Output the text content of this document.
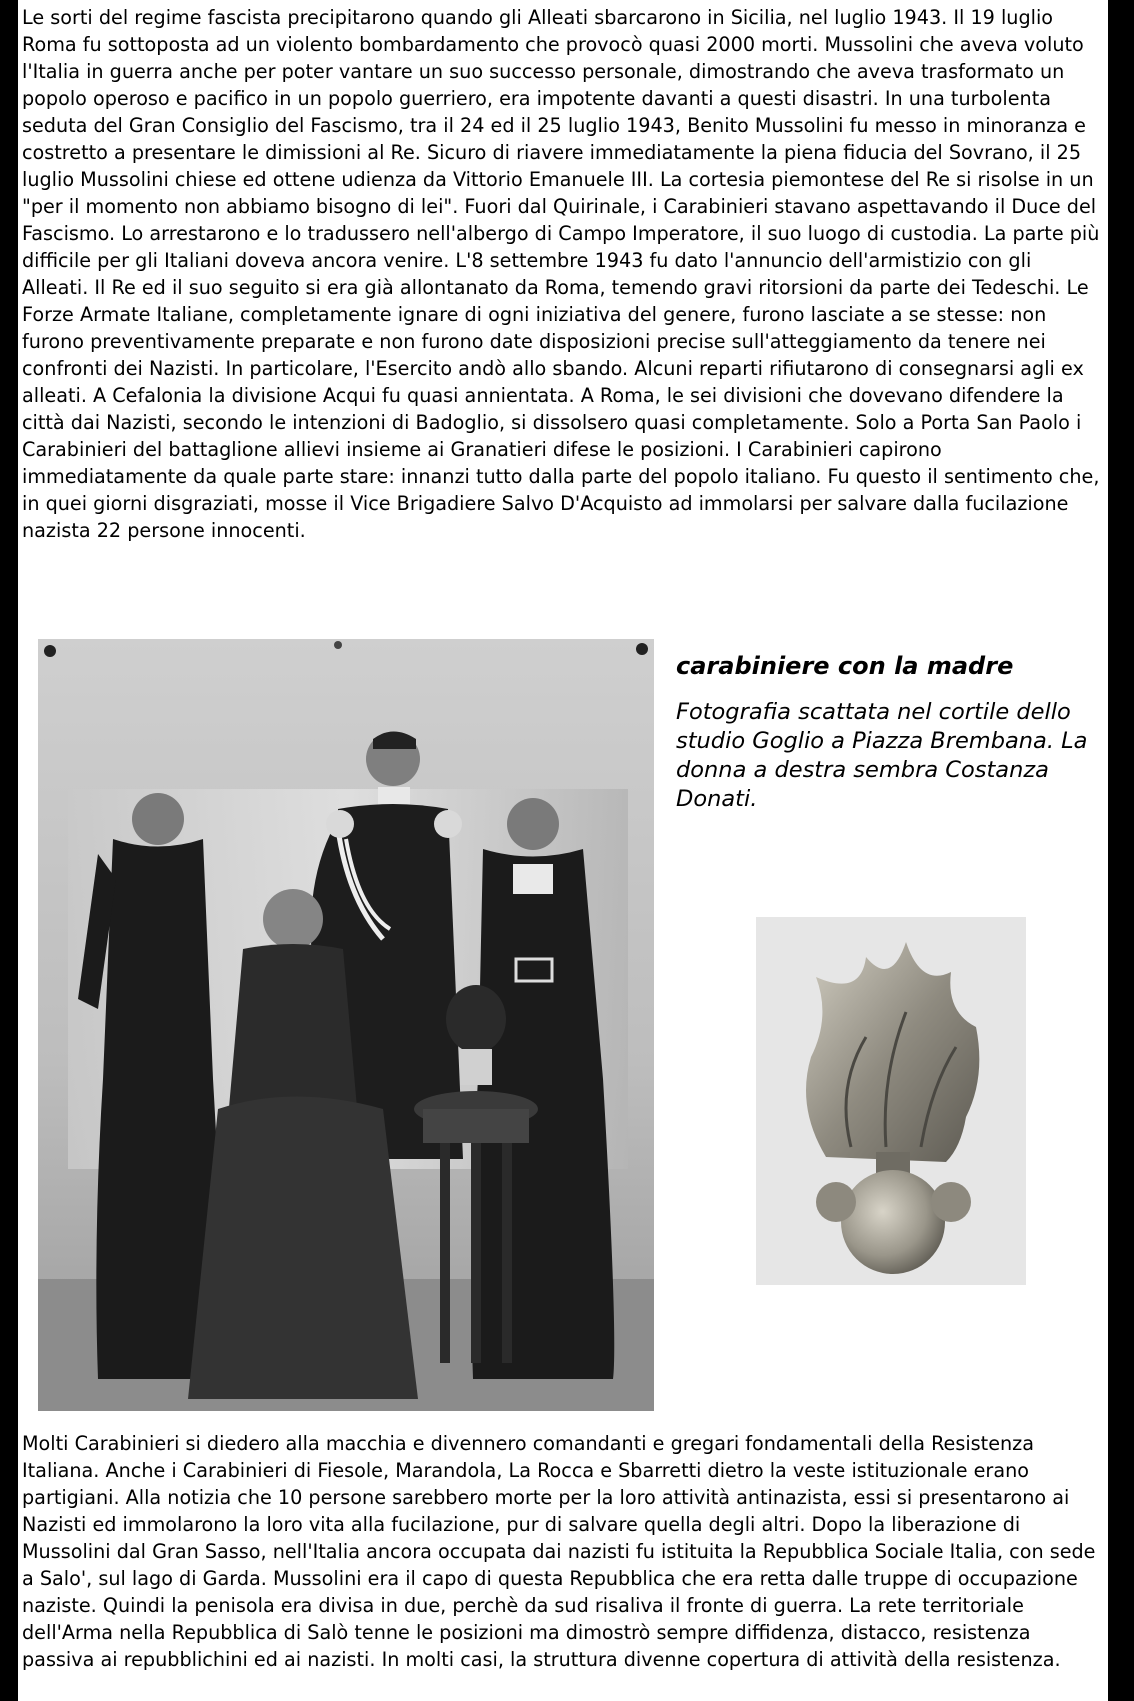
Le sorti del regime fascista precipitarono quando gli Alleati sbarcarono in Sicilia, nel luglio 1943. Il 19 luglio Roma fu sottoposta ad un violento bombardamento che provocò quasi 2000 morti. Mussolini che aveva voluto l'Italia in guerra anche per poter vantare un suo successo personale, dimostrando che aveva trasformato un popolo operoso e pacifico in un popolo guerriero, era impotente davanti a questi disastri. In una turbolenta seduta del Gran Consiglio del Fascismo, tra il 24 ed il 25 luglio 1943, Benito Mussolini fu messo in minoranza e costretto a presentare le dimissioni al Re. Sicuro di riavere immediatamente la piena fiducia del Sovrano, il 25 luglio Mussolini chiese ed ottene udienza da Vittorio Emanuele III. La cortesia piemontese del Re si risolse in un "per il momento non abbiamo bisogno di lei". Fuori dal Quirinale, i Carabinieri stavano aspettavando il Duce del Fascismo. Lo arrestarono e lo tradussero nell'albergo di Campo Imperatore, il suo luogo di custodia. La parte più difficile per gli Italiani doveva ancora venire. L'8 settembre 1943 fu dato l'annuncio dell'armistizio con gli Alleati. Il Re ed il suo seguito si era già allontanato da Roma, temendo gravi ritorsioni da parte dei Tedeschi. Le Forze Armate Italiane, completamente ignare di ogni iniziativa del genere, furono lasciate a se stesse: non furono preventivamente preparate e non furono date disposizioni precise sull'atteggiamento da tenere nei confronti dei Nazisti. In particolare, l'Esercito andò allo sbando. Alcuni reparti rifiutarono di consegnarsi agli ex alleati. A Cefalonia la divisione Acqui fu quasi annientata. A Roma, le sei divisioni che dovevano difendere la città dai Nazisti, secondo le intenzioni di Badoglio, si dissolsero quasi completamente. Solo a Porta San Paolo i Carabinieri del battaglione allievi insieme ai Granatieri difese le posizioni. I Carabinieri capirono immediatamente da quale parte stare: innanzi tutto dalla parte del popolo italiano. Fu questo il sentimento che, in quei giorni disgraziati, mosse il Vice Brigadiere Salvo D'Acquisto ad immolarsi per salvare dalla fucilazione nazista 22 persone innocenti.

carabiniere con la madre

Fotografia scattata nel cortile dello studio Goglio a Piazza Brembana. La donna a destra sembra Costanza Donati.

Molti Carabinieri si diedero alla macchia e divennero comandanti e gregari fondamentali della Resistenza Italiana. Anche i Carabinieri di Fiesole, Marandola, La Rocca e Sbarretti dietro la veste istituzionale erano partigiani. Alla notizia che 10 persone sarebbero morte per la loro attività antinazista, essi si presentarono ai Nazisti ed immolarono la loro vita alla fucilazione, pur di salvare quella degli altri. Dopo la liberazione di Mussolini dal Gran Sasso, nell'Italia ancora occupata dai nazisti fu istituita la Repubblica Sociale Italia, con sede a Salo', sul lago di Garda. Mussolini era il capo di questa Repubblica che era retta dalle truppe di occupazione naziste. Quindi la penisola era divisa in due, perchè da sud risaliva il fronte di guerra. La rete territoriale dell'Arma nella Repubblica di Salò tenne le posizioni ma dimostrò sempre diffidenza, distacco, resistenza passiva ai repubblichini ed ai nazisti. In molti casi, la struttura divenne copertura di attività della resistenza.
